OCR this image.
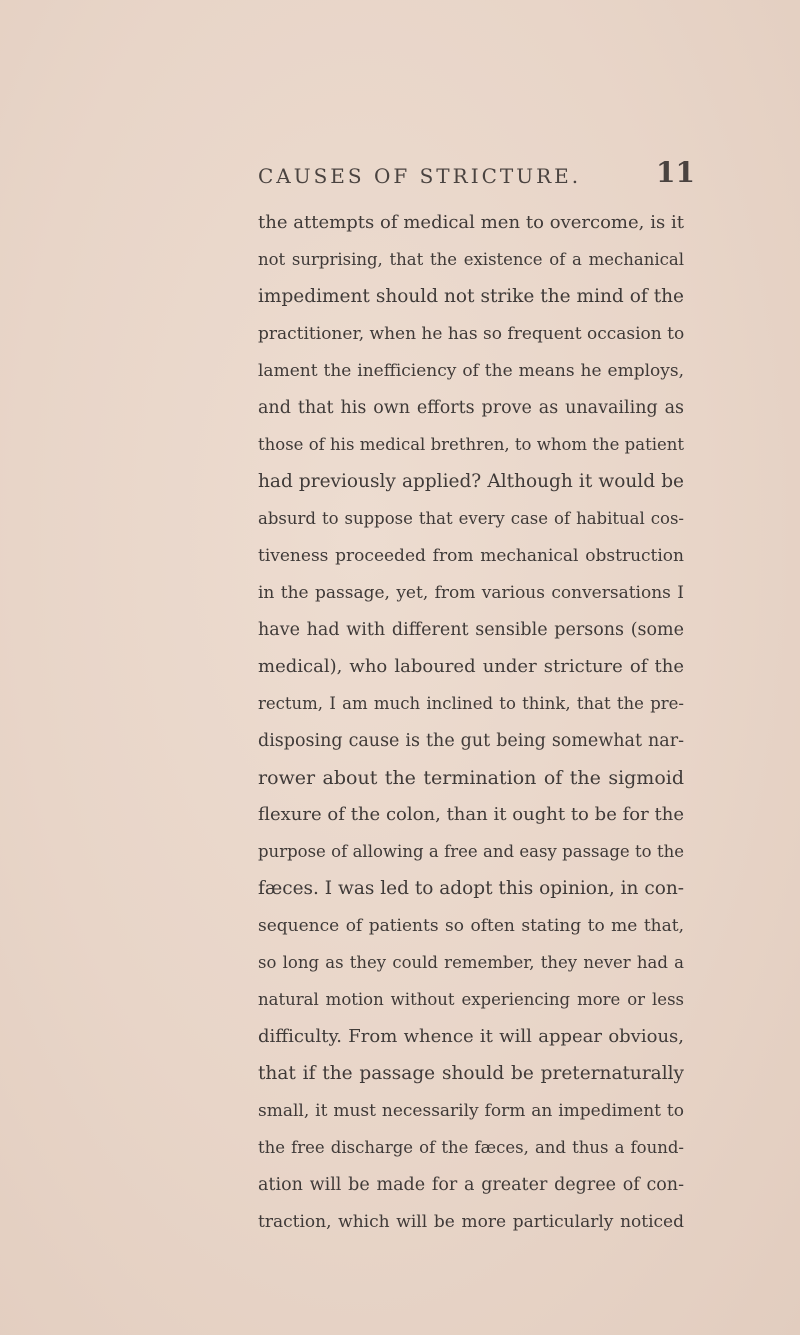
CAUSES OF STRICTURE.	11
the attempts of medical men to overcome, is it
not surprising, that the existence of a mechanical
impediment should not strike the mind of the
practitioner, when he has so frequent occasion to
lament the inefficiency of the means he employs,
and that his own efforts prove as unavailing as
those of his medical brethren, to whom the patient
had previously applied? Although it would be
absurd to suppose that every case of habitual cos-
tiveness proceeded from mechanical obstruction
in the passage, yet, from various conversations I
have had with different sensible persons (some
medical), who laboured under stricture of the
rectum, I am much inclined to think, that the pre-
disposing cause is the gut being somewhat nar-
rower about the termination of the sigmoid
flexure of the colon, than it ought to be for the
purpose of allowing a free and easy passage to the
fæces. I was led to adopt this opinion, in con-
sequence of patients so often stating to me that,
so long as they could remember, they never had a
natural motion without experiencing more or less
difficulty. From whence it will appear obvious,
that if the passage should be preternaturally
small, it must necessarily form an impediment to
the free discharge of the fæces, and thus a found-
ation will be made for a greater degree of con-
traction, which will be more particularly noticed
